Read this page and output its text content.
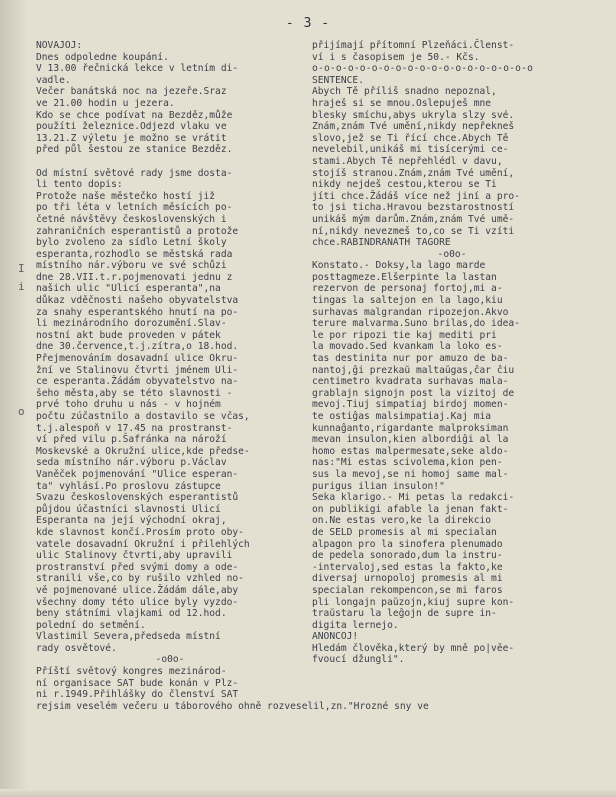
- 3 -
NOVAJOJ:
Dnes odpoledne koupání.
V 13.00 řečnická lekce v letním di-
vadle.
Večer banátská noc na jezeře.Sraz
ve 21.00 hodin u jezera.
Kdo se chce podívat na Bezděz,může
použíti železnice.Odjezd vlaku ve
13.21.Z výletu je možno se vrátit
před půl šestou ze stanice Bezděz.

Od místní světové rady jsme dosta-
li tento dopis:
Protože naše městečko hostí již
po tři léta v letních měsících po-
četné návštěvy československých i
zahraničních esperantistů a protože
bylo zvoleno za sídlo Letní školy
esperanta,rozhodlo se městská rada
místního nár.výboru ve své schůzi
dne 28.VII.t.r.pojmenovati jednu z
našich ulic "Ulicí esperanta",na
důkaz vděčnosti našeho obyvatelstva
za snahy esperantského hnutí na po-
li mezinárodního dorozumění.Slav-
nostní akt bude proveden v pátek
dne 30.července,t.j.zítra,o 18.hod.
Přejmenováním dosavadní ulice Okru-
žní ve Stalinovu čtvrti jménem Uli-
ce esperanta.Žádám obyvatelstvo na-
šeho města,aby se této slavnosti -
prvé toho druhu u nás - v hojném
počtu zúčastnilo a dostavilo se včas,
t.j.alespoň v 17.45 na prostranst-
ví před vilu p.Šafránka na nároží
Moskevské a Okružní ulice,kde předse-
seda místního nár.výboru p.Václav
Vaněček pojmenování "Ulice esperan-
ta" vyhlásí.Po proslovu zástupce
Svazu československých esperantistů
půjdou účastníci slavnosti Ulicí
Esperanta na její východní okraj,
kde slavnost končí.Prosím proto oby-
vatele dosavadní Okružní i přilehlých
ulic Stalinovy čtvrti,aby upravili
prostranství před svými domy a ode-
stranili vše,co by rušilo vzhled no-
vě pojmenované ulice.Žádám dále,aby
všechny domy této ulice byly vyzdo-
beny státními vlajkami od 12.hod.
polední do setmění.
Vlastimil Severa,předseda místní
rady osvětové.
-o0o-
Příští světový kongres mezinárod-
ní organisace SAT bude konán v Plz-
ni r.1949.Přihlášky do členství SAT
rejsim veselém večeru u táborového ohně rozveselil,zn."Hrozné sny ve
přijímají přítomní Plzeňáci.Členst-
ví i s časopisem je 50.- Kčs.
o-o-o-o-o-o-o-o-o-o-o-o-o-o-o-o-o-o-o
SENTENCE.
Abych Tě příliš snadno nepoznal,
hraješ si se mnou.Oslepuješ mne
blesky smíchu,abys ukryla slzy své.
Znám,znám Tvé umění,nikdy nepřekneš
slovo,jež se Ti řící chce.Abych Tě
nevelebil,unikáš mi tisícerými ce-
stami.Abych Tě nepřehlédl v davu,
stojíš stranou.Znám,znám Tvé umění,
nikdy nejdeš cestou,kterou se Ti
jíti chce.Žádáš více než jiní a pro-
to jsi ticha.Hravou bezstarostností
unikáš mým darům.Znám,znám Tvé umě-
ní,nikdy nevezmeš to,co se Ti vzíti
chce.RABINDRANATH TAGORE
-o0o-
Konstato.- Doksy,la lago marde
posttagmeze.Elšerpinte la lastan
rezervon de personaj fortoj,mi a-
tingas la saltejon en la lago,kiu
surhavas malgrandan ripozejon.Akvo
terure malvarma.Suno brilas,do idea-
le por ripozi tie kaj mediti pri
la movado.Sed kvankam la loko es-
tas destinita nur por amuzo de ba-
nantoj,ĝi prezkaŭ maltaŭgas,ĉar ĉiu
centimetro kvadrata surhavas mala-
grablajn signojn post la vizitoj de
mevoj.Tiuj simpatiaj birdoj momen-
te ostiĝas malsimpatiaj.Kaj mia
kunnaĝanto,rigardante malproksiman
mevan insulon,kien albordiĝi al la
homo estas malpermesate,seke aldo-
nas:"Mi estas scivolema,kion pen-
sus la mevoj,se ni homoj same mal-
purigus ilian insulon!"
Seka klarigo.- Mi petas la redakci-
on publikigi afable la jenan fakt-
on.Ne estas vero,ke la direkcio
de SELD promesis al mi specialan
alpagon pro la sinofera plenumado
de pedela sonorado,dum la instru-
-intervaloj,sed estas la fakto,ke
diversaj urnopoloj promesis al mi
specialan rekompencon,se mi faros
pli longajn paŭzojn,kiuj supre kon-
traŭstaru la leĝojn de supre in-
digita lernejo.
ANONCOJ!
Hledám člověka,který by mně po|věe-
fvoucí džungli".
I
i
o
